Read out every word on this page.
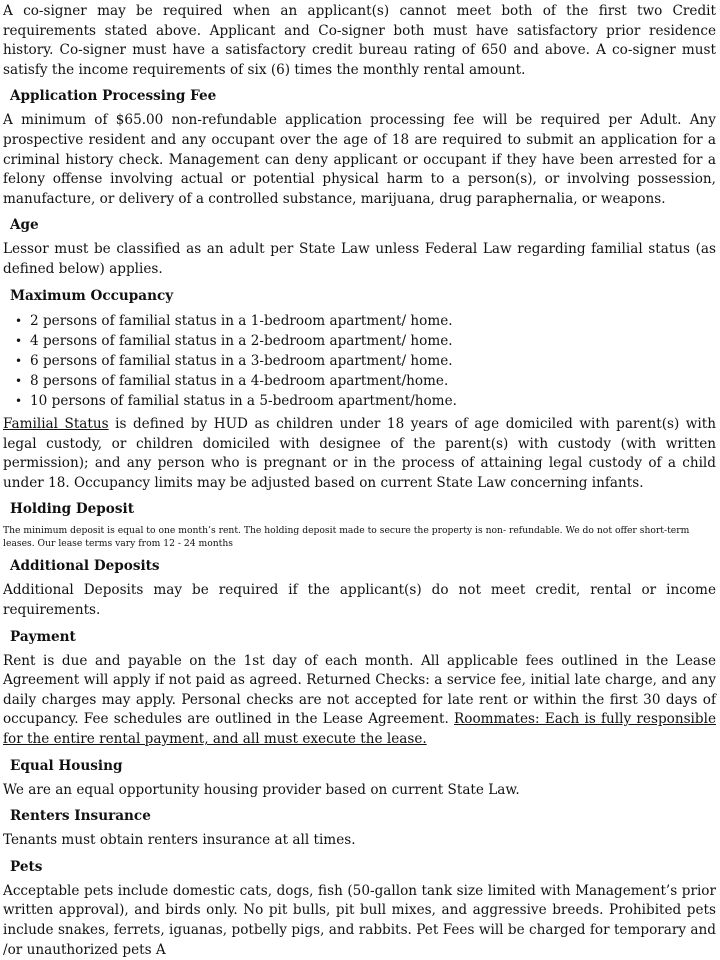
A co-signer may be required when an applicant(s) cannot meet both of the first two Credit requirements stated above. Applicant and Co-signer both must have satisfactory prior residence history. Co-signer must have a satisfactory credit bureau rating of 650 and above. A co-signer must satisfy the income requirements of six (6) times the monthly rental amount.

Application Processing Fee

A minimum of $65.00 non-refundable application processing fee will be required per Adult. Any prospective resident and any occupant over the age of 18 are required to submit an application for a criminal history check. Management can deny applicant or occupant if they have been arrested for a felony offense involving actual or potential physical harm to a person(s), or involving possession, manufacture, or delivery of a controlled substance, marijuana, drug paraphernalia, or weapons.

Age

Lessor must be classified as an adult per State Law unless Federal Law regarding familial status (as defined below) applies.

Maximum Occupancy
• 2 persons of familial status in a 1-bedroom apartment/ home.
• 4 persons of familial status in a 2-bedroom apartment/ home.
• 6 persons of familial status in a 3-bedroom apartment/ home.
• 8 persons of familial status in a 4-bedroom apartment/home.
• 10 persons of familial status in a 5-bedroom apartment/home.

Familial Status is defined by HUD as children under 18 years of age domiciled with parent(s) with legal custody, or children domiciled with designee of the parent(s) with custody (with written permission); and any person who is pregnant or in the process of attaining legal custody of a child under 18. Occupancy limits may be adjusted based on current State Law concerning infants.

Holding Deposit

The minimum deposit is equal to one month’s rent. The holding deposit made to secure the property is non- refundable. We do not offer short-term leases. Our lease terms vary from 12 - 24 months

Additional Deposits

Additional Deposits may be required if the applicant(s) do not meet credit, rental or income requirements.

Payment

Rent is due and payable on the 1st day of each month. All applicable fees outlined in the Lease Agreement will apply if not paid as agreed. Returned Checks: a service fee, initial late charge, and any daily charges may apply. Personal checks are not accepted for late rent or within the first 30 days of occupancy. Fee schedules are outlined in the Lease Agreement. Roommates: Each is fully responsible for the entire rental payment, and all must execute the lease.

Equal Housing

We are an equal opportunity housing provider based on current State Law.

Renters Insurance

Tenants must obtain renters insurance at all times.

Pets

Acceptable pets include domestic cats, dogs, fish (50-gallon tank size limited with Management’s prior written approval), and birds only. No pit bulls, pit bull mixes, and aggressive breeds. Prohibited pets include snakes, ferrets, iguanas, potbelly pigs, and rabbits. Pet Fees will be charged for temporary and /or unauthorized pets A
